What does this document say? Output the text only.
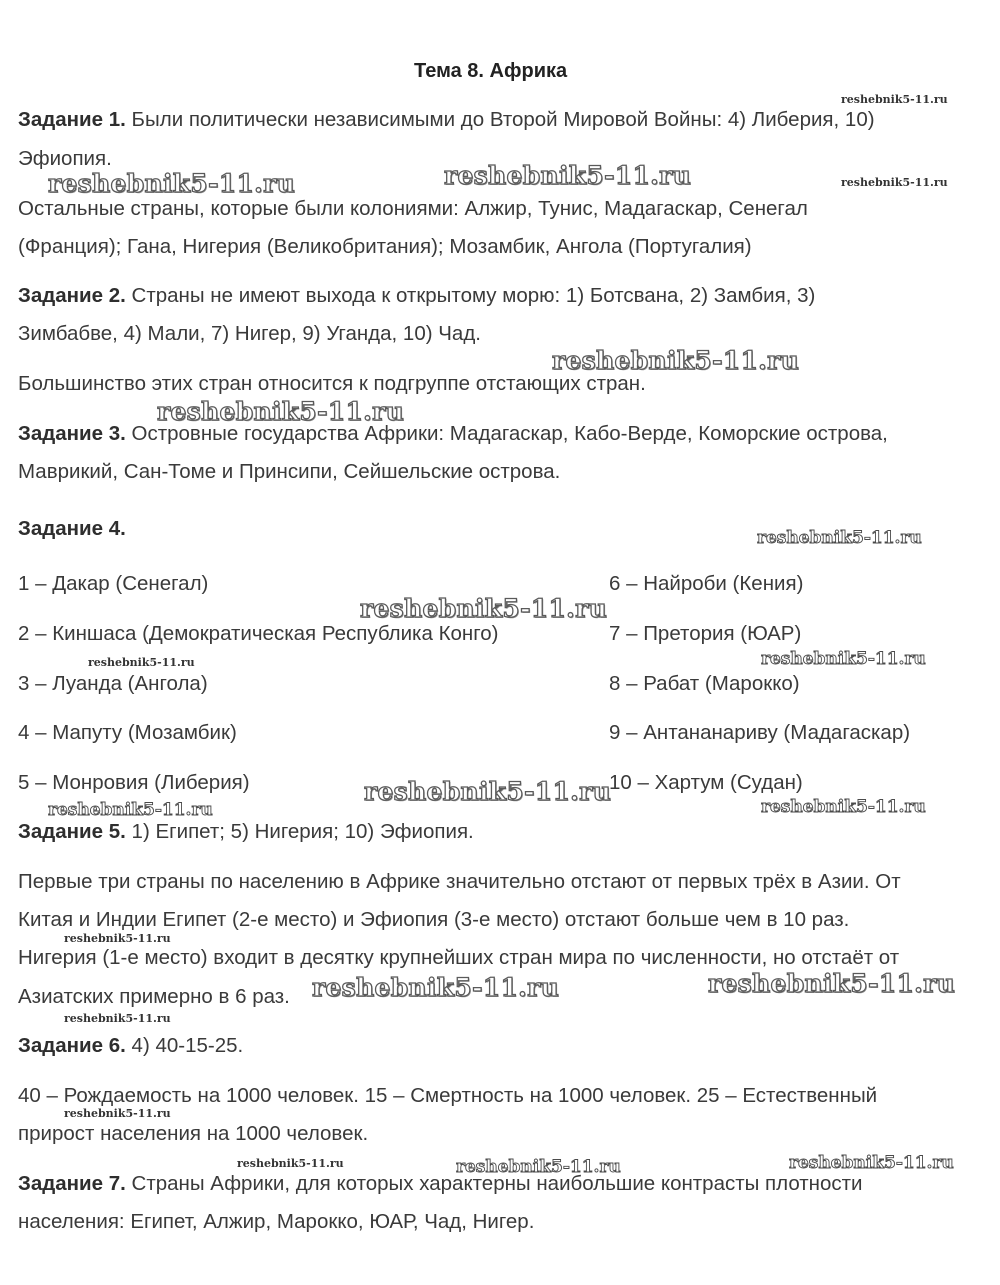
Тема 8. Африка
Задание 1. Были политически независимыми до Второй Мировой Войны: 4) Либерия, 10)
Эфиопия.
Остальные страны, которые были колониями: Алжир, Тунис, Мадагаскар, Сенегал
(Франция); Гана, Нигерия (Великобритания); Мозамбик, Ангола (Португалия)
Задание 2. Страны не имеют выхода к открытому морю: 1) Ботсвана, 2) Замбия, 3)
Зимбабве, 4) Мали, 7) Нигер, 9) Уганда, 10) Чад.
Большинство этих стран относится к подгруппе отстающих стран.
Задание 3. Островные государства Африки: Мадагаскар, Кабо-Верде, Коморские острова,
Маврикий, Сан-Томе и Принсипи, Сейшельские острова.
Задание 4.
1 – Дакар (Сенегал)
2 – Киншаса (Демократическая Республика Конго)
3 – Луанда (Ангола)
4 – Мапуту (Мозамбик)
5 – Монровия (Либерия)
6 – Найроби (Кения)
7 – Претория (ЮАР)
8 – Рабат (Марокко)
9 – Антананариву (Мадагаскар)
10 – Хартум (Судан)
Задание 5. 1) Египет; 5) Нигерия; 10) Эфиопия.
Первые три страны по населению в Африке значительно отстают от первых трёх в Азии. От
Китая и Индии Египет (2-е место) и Эфиопия (3-е место) отстают больше чем в 10 раз.
Нигерия (1-е место) входит в десятку крупнейших стран мира по численности, но отстаёт от
Азиатских примерно в 6 раз.
Задание 6. 4) 40-15-25.
40 – Рождаемость на 1000 человек. 15 – Смертность на 1000 человек. 25 – Естественный
прирост населения на 1000 человек.
Задание 7. Страны Африки, для которых характерны наибольшие контрасты плотности
населения: Египет, Алжир, Марокко, ЮАР, Чад, Нигер.
reshebnik5-11.ru
reshebnik5-11.ru	reshebnik5-11.ru	reshebnik5-11.ru
reshebnik5-11.ru
reshebnik5-11.ru
reshebnik5-11.ru
reshebnik5-11.ru
reshebnik5-11.ru	reshebnik5-11.ru
reshebnik5-11.ru
reshebnik5-11.ru	reshebnik5-11.ru
reshebnik5-11.ru
reshebnik5-11.ru	reshebnik5-11.ru
reshebnik5-11.ru
reshebnik5-11.ru
reshebnik5-11.ru	reshebnik5-11.ru	reshebnik5-11.ru
